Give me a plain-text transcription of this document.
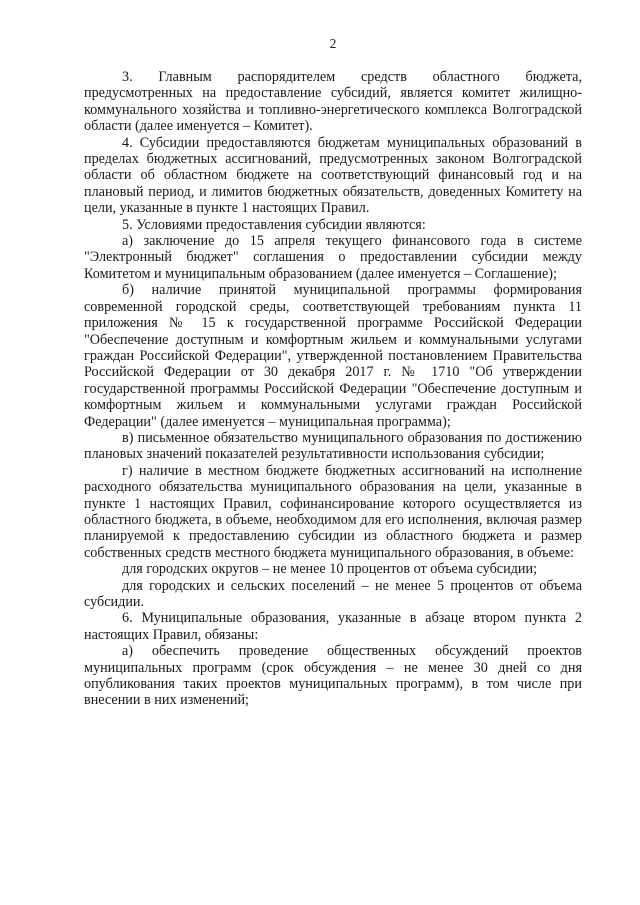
2

3. Главным распорядителем средств областного бюджета, предусмотренных на предоставление субсидий, является комитет жилищно-коммунального хозяйства и топливно-энергетического комплекса Волгоградской области (далее именуется – Комитет).

4. Субсидии предоставляются бюджетам муниципальных образований в пределах бюджетных ассигнований, предусмотренных законом Волгоградской области об областном бюджете на соответствующий финансовый год и на плановый период, и лимитов бюджетных обязательств, доведенных Комитету на цели, указанные в пункте 1 настоящих Правил.

5. Условиями предоставления субсидии являются:

а) заключение до 15 апреля текущего финансового года в системе "Электронный бюджет" соглашения о предоставлении субсидии между Комитетом и муниципальным образованием (далее именуется – Соглашение);

б) наличие принятой муниципальной программы формирования современной городской среды, соответствующей требованиям пункта 11 приложения № 15 к государственной программе Российской Федерации "Обеспечение доступным и комфортным жильем и коммунальными услугами граждан Российской Федерации", утвержденной постановлением Правительства Российской Федерации от 30 декабря 2017 г. № 1710 "Об утверждении государственной программы Российской Федерации "Обеспечение доступным и комфортным жильем и коммунальными услугами граждан Российской Федерации" (далее именуется – муниципальная программа);

в) письменное обязательство муниципального образования по достижению плановых значений показателей результативности использования субсидии;

г) наличие в местном бюджете бюджетных ассигнований на исполнение расходного обязательства муниципального образования на цели, указанные в пункте 1 настоящих Правил, софинансирование которого осуществляется из областного бюджета, в объеме, необходимом для его исполнения, включая размер планируемой к предоставлению субсидии из областного бюджета и размер собственных средств местного бюджета муниципального образования, в объеме:

для городских округов – не менее 10 процентов от объема субсидии;

для городских и сельских поселений – не менее 5 процентов от объема субсидии.

6. Муниципальные образования, указанные в абзаце втором пункта 2 настоящих Правил, обязаны:

а) обеспечить проведение общественных обсуждений проектов муниципальных программ (срок обсуждения – не менее 30 дней со дня опубликования таких проектов муниципальных программ), в том числе при внесении в них изменений;
